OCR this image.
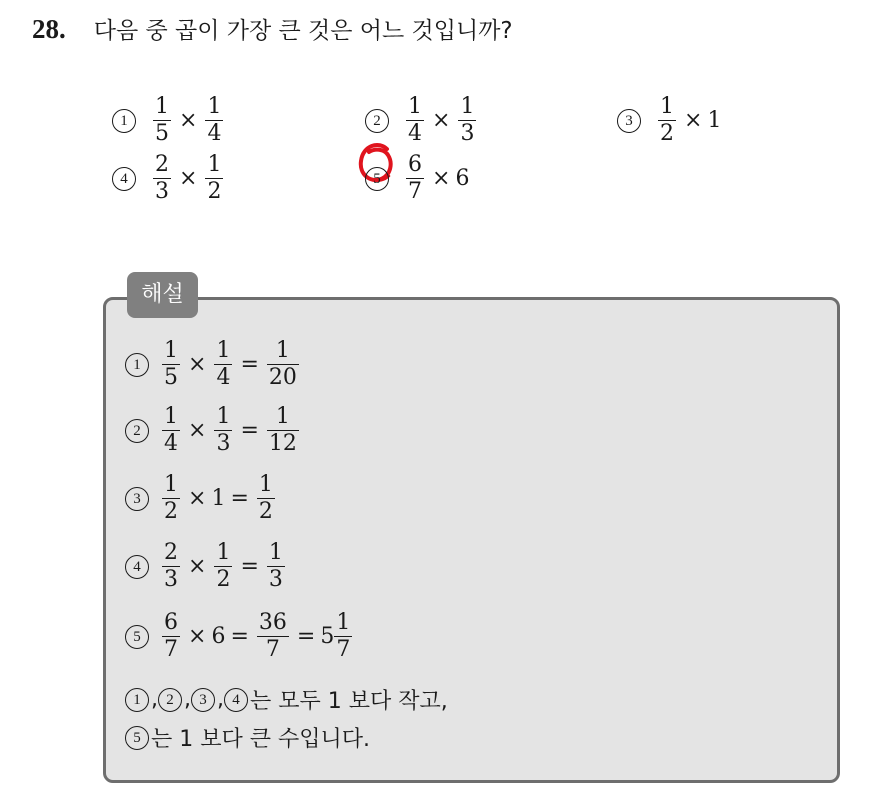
28. 다음 중 곱이 가장 큰 것은 어느 것입니까?
1	$\frac{1}{5} \times \frac{1}{4}$	2	$\frac{1}{4} \times \frac{1}{3}$	3	$\frac{1}{2} \times 1$
4	$\frac{2}{3} \times \frac{1}{2}$	5	$\frac{6}{7} \times 6$
해설
$1 \frac{1}{5} \times \frac{1}{4} = \frac{1}{20}$
$2 \frac{1}{4} \times \frac{1}{3} = \frac{1}{12}$
$3 \frac{1}{2} \times 1 = \frac{1}{2}$
$4 \frac{2}{3} \times \frac{1}{2} = \frac{1}{3}$
$5 \frac{6}{7} \times 6 = \frac{36}{7} = 5 \frac{1}{7}$
1 , 2 , 3 , 4 는 모두 1 보다 작고,
5 는 1 보다 큰 수입니다.
